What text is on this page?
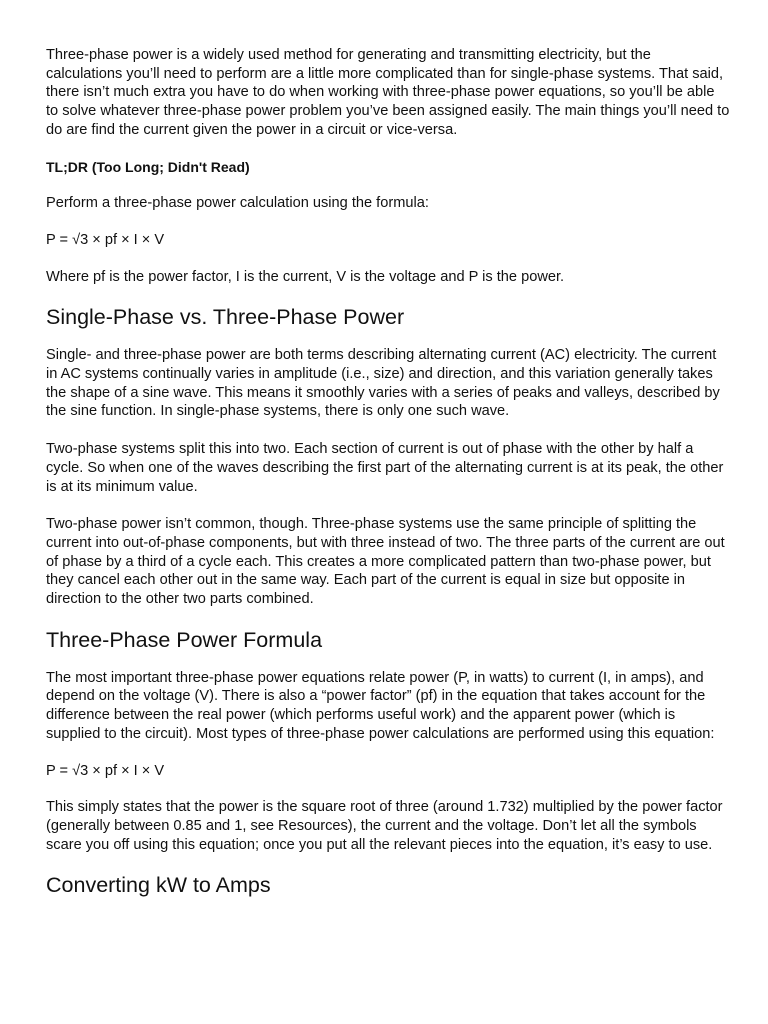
Three-phase power is a widely used method for generating and transmitting electricity, but the calculations you’ll need to perform are a little more complicated than for single-phase systems. That said, there isn’t much extra you have to do when working with three-phase power equations, so you’ll be able to solve whatever three-phase power problem you’ve been assigned easily. The main things you’ll need to do are find the current given the power in a circuit or vice-versa.

TL;DR (Too Long; Didn't Read)

Perform a three-phase power calculation using the formula:

P = √3 × pf × I × V

Where pf is the power factor, I is the current, V is the voltage and P is the power.

Single-Phase vs. Three-Phase Power

Single- and three-phase power are both terms describing alternating current (AC) electricity. The current in AC systems continually varies in amplitude (i.e., size) and direction, and this variation generally takes the shape of a sine wave. This means it smoothly varies with a series of peaks and valleys, described by the sine function. In single-phase systems, there is only one such wave.

Two-phase systems split this into two. Each section of current is out of phase with the other by half a cycle. So when one of the waves describing the first part of the alternating current is at its peak, the other is at its minimum value.

Two-phase power isn’t common, though. Three-phase systems use the same principle of splitting the current into out-of-phase components, but with three instead of two. The three parts of the current are out of phase by a third of a cycle each. This creates a more complicated pattern than two-phase power, but they cancel each other out in the same way. Each part of the current is equal in size but opposite in direction to the other two parts combined.

Three-Phase Power Formula

The most important three-phase power equations relate power (P, in watts) to current (I, in amps), and depend on the voltage (V). There is also a “power factor” (pf) in the equation that takes account for the difference between the real power (which performs useful work) and the apparent power (which is supplied to the circuit). Most types of three-phase power calculations are performed using this equation:

P = √3 × pf × I × V

This simply states that the power is the square root of three (around 1.732) multiplied by the power factor (generally between 0.85 and 1, see Resources), the current and the voltage. Don’t let all the symbols scare you off using this equation; once you put all the relevant pieces into the equation, it’s easy to use.

Converting kW to Amps
